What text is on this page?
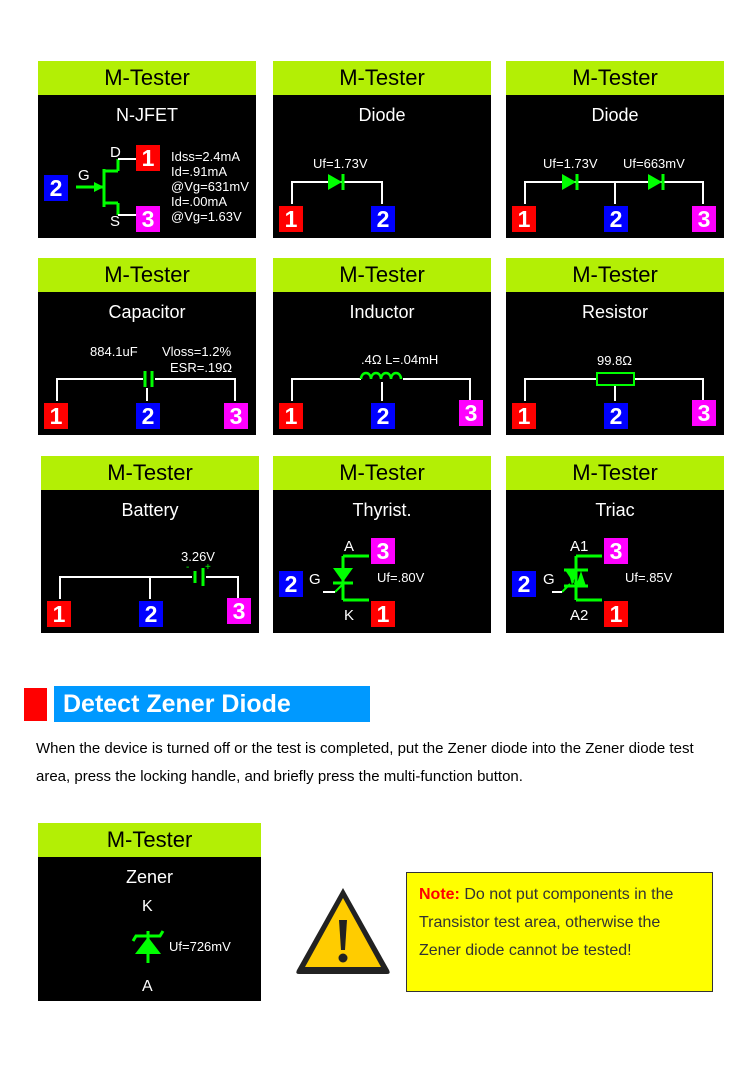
M-Tester
N-JFET
1
2
3
D
G
S
Idss=2.4mA
Id=.91mA
@Vg=631mV
Id=.00mA
@Vg=1.63V
M-Tester
Diode
Uf=1.73V
1	2
M-Tester
Diode
Uf=1.73V Uf=663mV
1	2	3
M-Tester
Capacitor
884.1uF Vloss=1.2%
ESR=.19Ω
1	2	3
M-Tester
Inductor
.4Ω L=.04mH
1	2	3
M-Tester
Resistor
99.8Ω
1	2	3
M-Tester
Battery
3.26V
+
-
1	2	3
M-Tester
Thyrist.
2
3
1
G
A
K
Uf=.80V
M-Tester
Triac
2
3
1
G
A1
A2
Uf=.85V
Detect Zener Diode
When the device is turned off or the test is completed, put the Zener diode into the Zener diode test area, press the locking handle, and briefly press the multi-function button.
M-Tester
Zener
K
A
Uf=726mV
Note: Do not put components in the Transistor test area, otherwise the Zener diode cannot be tested!
